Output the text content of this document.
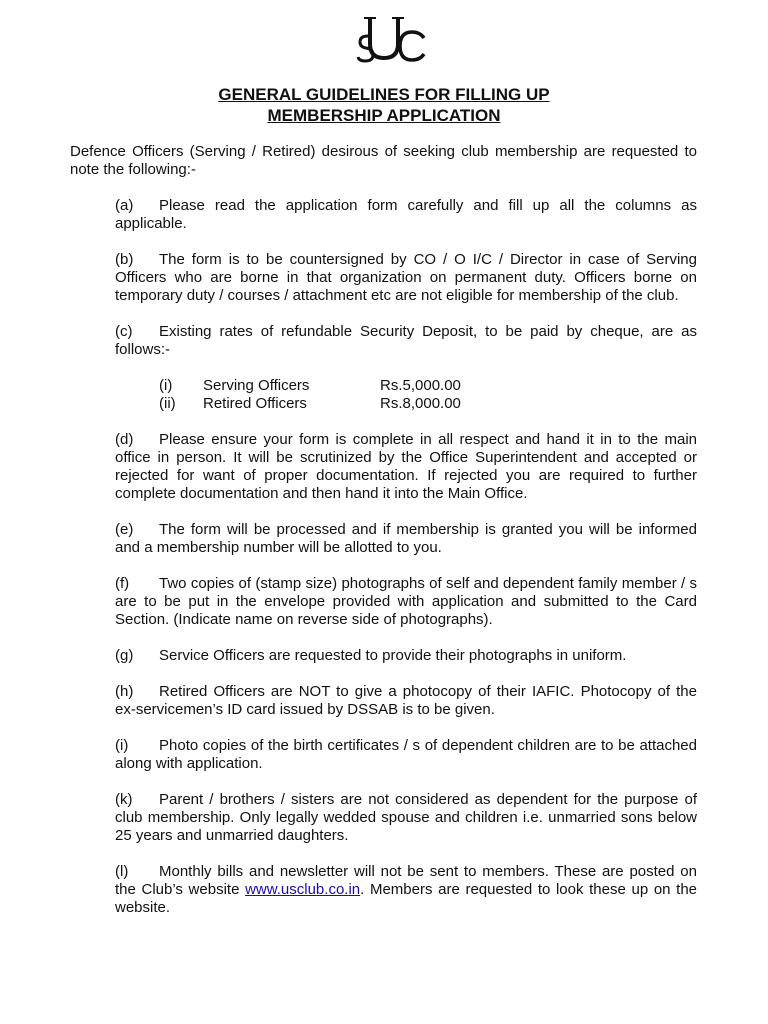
GENERAL GUIDELINES FOR FILLING UP
MEMBERSHIP APPLICATION

Defence Officers (Serving / Retired) desirous of seeking club membership are requested to note the following:-

(a) Please read the application form carefully and fill up all the columns as applicable.

(b) The form is to be countersigned by CO / O I/C / Director in case of Serving Officers who are borne in that organization on permanent duty. Officers borne on temporary duty / courses / attachment etc are not eligible for membership of the club.

(c) Existing rates of refundable Security Deposit, to be paid by cheque, are as follows:-

(i)	Serving Officers	Rs.5,000.00
(ii)	Retired Officers	Rs.8,000.00

(d) Please ensure your form is complete in all respect and hand it in to the main office in person. It will be scrutinized by the Office Superintendent and accepted or rejected for want of proper documentation. If rejected you are required to further complete documentation and then hand it into the Main Office.

(e) The form will be processed and if membership is granted you will be informed and a membership number will be allotted to you.

(f) Two copies of (stamp size) photographs of self and dependent family member / s are to be put in the envelope provided with application and submitted to the Card Section. (Indicate name on reverse side of photographs).

(g) Service Officers are requested to provide their photographs in uniform.

(h) Retired Officers are NOT to give a photocopy of their IAFIC. Photocopy of the ex-servicemen’s ID card issued by DSSAB is to be given.

(i) Photo copies of the birth certificates / s of dependent children are to be attached along with application.

(k) Parent / brothers / sisters are not considered as dependent for the purpose of club membership. Only legally wedded spouse and children i.e. unmarried sons below 25 years and unmarried daughters.

(l) Monthly bills and newsletter will not be sent to members. These are posted on the Club’s website www.usclub.co.in. Members are requested to look these up on the website.
